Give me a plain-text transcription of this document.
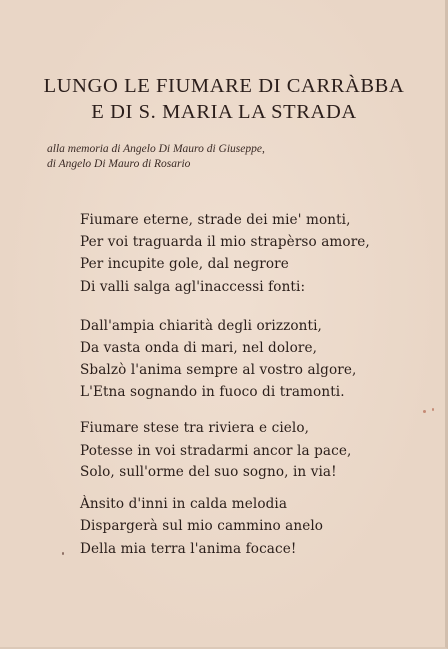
LUNGO LE FIUMARE DI CARRÀBBA
E DI S. MARIA LA STRADA

alla memoria di Angelo Di Mauro di Giuseppe,

di Angelo Di Mauro di Rosario

Fiumare eterne, strade dei mie' monti,

Per voi traguarda il mio strapèrso amore,

Per incupite gole, dal negrore

Di valli salga agl'inaccessi fonti:

Dall'ampia chiarità degli orizzonti,

Da vasta onda di mari, nel dolore,

Sbalzò l'anima sempre al vostro algore,

L'Etna sognando in fuoco di tramonti.

Fiumare stese tra riviera e cielo,

Potesse in voi stradarmi ancor la pace,

Solo, sull'orme del suo sogno, in via!

Ànsito d'inni in calda melodia

Dispargerà sul mio cammino anelo

Della mia terra l'anima focace!
